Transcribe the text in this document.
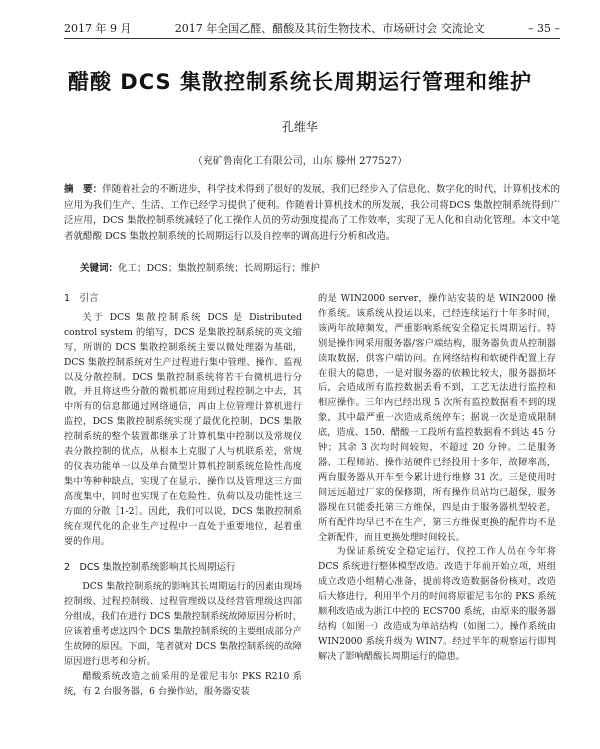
2017 年 9 月	2017 年全国乙醛、醋酸及其衍生物技术、市场研讨会 交流论文	– 35 –
醋酸 DCS 集散控制系统长周期运行管理和维护
孔维华
（兖矿鲁南化工有限公司，山东 滕州 277527）
摘　要：伴随着社会的不断进步，科学技术得到了很好的发展，我们已经步入了信息化、数字化的时代，计算机技术的应用为我们生产、生活、工作已经学习提供了便利。作随着计算机技术的所发展，我公司将DCS 集散控制系统得到广泛应用，DCS 集散控制系统减轻了化工操作人员的劳动强度提高了工作效率，实现了无人化和自动化管理。本文中笔者就醋酸 DCS 集散控制系统的长周期运行以及自控率的调高进行分析和改造。
关键词：化工；DCS；集散控制系统；长周期运行；维护
1　引言

关于 DCS 集散控制系统 DCS 是 Distributed control system 的缩写，DCS 是集散控制系统的英文缩写，所谓的 DCS 集散控制系统主要以微处理器为基础，DCS 集散控制系统对生产过程进行集中管理、操作、监视以及分散控制。DCS 集散控制系统将若干台微机进行分散，并且将这些分散的微机都应用到过程控制之中去，其中所有的信息都通过网络通信，再由上位管理计算机进行监控，DCS 集散控制系统实现了最优化控制，DCS 集散控制系统的整个装置都继承了计算机集中控制以及常规仪表分散控制的优点，从根本上克服了人与机联系差，常规的仪表功能单一以及单台微型计算机控制系统危险性高度集中等种种缺点，实现了在显示、操作以及管理这三方面高度集中，同时也实现了在危险性、负荷以及功能性这三方面的分散［1-2］。因此，我们可以说，DCS 集散控制系统在现代化的企业生产过程中一直处于重要地位，起着重要的作用。

2　DCS 集散控制系统影响其长周期运行

DCS 集散控制系统的影响其长周期运行的因素由现场控制级、过程控制级、过程管理级以及经营管理级这四部分组成，我们在进行 DCS 集散控制系统故障原因分析时，应该着重考虑这四个 DCS 集散控制系统的主要组成部分产生故障的原因。下面，笔者就对 DCS 集散控制系统的故障原因进行思考和分析。

醋酸系统改造之前采用的是霍尼韦尔 PKS R210 系统，有 2 台服务器，6 台操作站，服务器安装

的是 WIN2000 server，操作站安装的是 WIN2000 操作系统。该系统从投运以来，已经连续运行十年多时间，该两年故障频发，严重影响系统安全稳定长周期运行。特别是操作网采用服务器/客户端结构，服务器负责从控制器读取数据，供客户端访问。在网络结构和软硬件配置上存在很大的隐患，一是对服务器的依赖比较大，服务器损坏后，会造成所有监控数据丢看不到，工艺无法进行监控和相应操作。三年内已经出现 5 次所有监控数据看不到的现象，其中最严重一次造成系统停车；据说一次是造成限制底，造成、150、醋酸一工段所有监控数据看不到达 45 分钟；其余 3 次均时间较短，不超过 20 分钟。二是服务器、工程师站、操作站硬件已经投用十多年，故障率高，两台服务器从开车至今累计进行维修 31 次。三是使用时间远远超过厂家的保修期，所有操作员站均已超保，服务器现在只能委托第三方维保，四是由于服务器机型较老，所有配件均早已不在生产，第三方维保更换的配件均不是全新配件，而且更换处理时间较长。

为保证系统安全稳定运行，仪控工作人员在今年将 DCS 系统进行整体模型改造。改造于年前开始立项，班组成立改造小组精心准备，提前将改造数据备份核对，改造后大修进行，利用半个月的时间将原霍尼韦尔的 PKS 系统顺利改造成为浙江中控的 ECS700 系统，由原来的服务器结构（如图一）改造成为单站结构（如图二）。操作系统由 WIN2000 系统升级为 WIN7。经过半年的观察运行即判解决了影响醋酸长周期运行的隐患。
